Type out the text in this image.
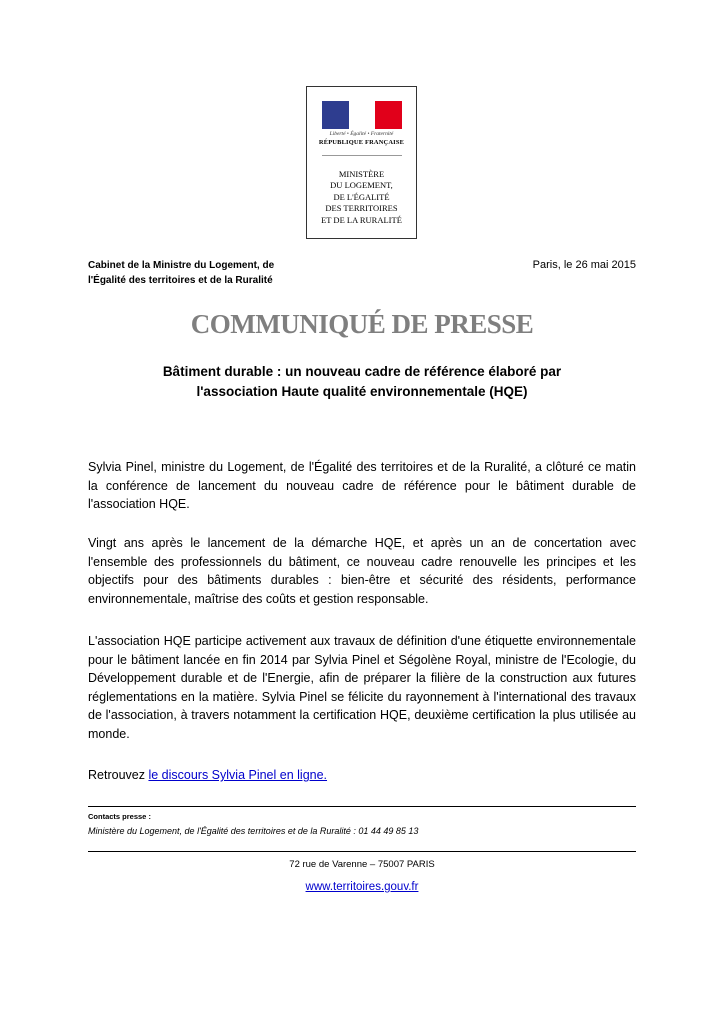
Liberté • Égalité • Fraternité
RÉPUBLIQUE FRANÇAISE
MINISTÈRE
DU LOGEMENT,
DE L'ÉGALITÉ
DES TERRITOIRES
ET DE LA RURALITÉ
Cabinet de la Ministre du Logement, de
l'Égalité des territoires et de la Ruralité
Paris, le 26 mai 2015
COMMUNIQUÉ DE PRESSE
Bâtiment durable : un nouveau cadre de référence élaboré par
l'association Haute qualité environnementale (HQE)
Sylvia Pinel, ministre du Logement, de l'Égalité des territoires et de la Ruralité, a clôturé ce matin la conférence de lancement du nouveau cadre de référence pour le bâtiment durable de l'association HQE.
Vingt ans après le lancement de la démarche HQE, et après un an de concertation avec l'ensemble des professionnels du bâtiment, ce nouveau cadre renouvelle les principes et les objectifs pour des bâtiments durables : bien-être et sécurité des résidents, performance environnementale, maîtrise des coûts et gestion responsable.
L'association HQE participe activement aux travaux de définition d'une étiquette environnementale pour le bâtiment lancée en fin 2014 par Sylvia Pinel et Ségolène Royal, ministre de l'Ecologie, du Développement durable et de l'Energie, afin de préparer la filière de la construction aux futures réglementations en la matière. Sylvia Pinel se félicite du rayonnement à l'international des travaux de l'association, à travers notamment la certification HQE, deuxième certification la plus utilisée au monde.
Retrouvez le discours Sylvia Pinel en ligne.
Contacts presse :
Ministère du Logement, de l'Égalité des territoires et de la Ruralité : 01 44 49 85 13
72 rue de Varenne – 75007 PARIS
www.territoires.gouv.fr
